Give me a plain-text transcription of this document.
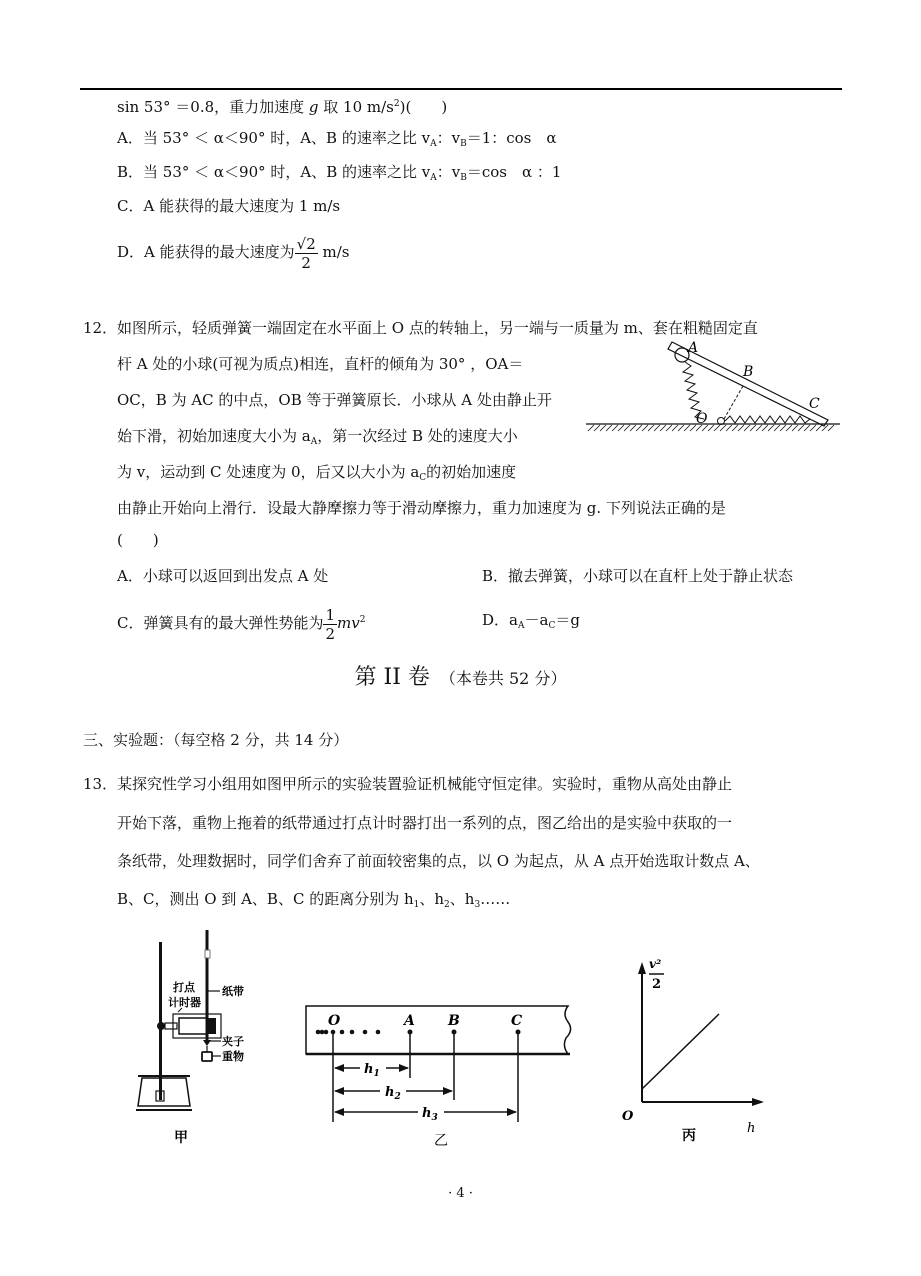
sin 53° ＝0.8，重力加速度 g 取 10 $m/s^2$)(　　)
A．当 53° ＜ α＜90° 时，A、B 的速率之比 $v_A$：$v_B=1$：cos　α
B．当 53° ＜ α＜90° 时，A、B 的速率之比 $v_A$：$v_B=\cos$　α ：1
C．A 能获得的最大速度为 1 m/s
D．A 能获得的最大速度为 $\frac{√2}{2} m/s$
12． 如图所示，轻质弹簧一端固定在水平面上 O 点的转轴上，另一端与一质量为 m、套在粗糙固定直
杆 A 处的小球(可视为质点)相连，直杆的倾角为 30° ，OA＝
OC，B 为 AC 的中点，OB 等于弹簧原长．小球从 A 处由静止开
始下滑，初始加速度大小为 $a_A$，第一次经过 B 处的速度大小
为 v，运动到 C 处速度为 0，后又以大小为 $a_C$的初始加速度
由静止开始向上滑行．设最大静摩擦力等于滑动摩擦力，重力加速度为 g. 下列说法正确的是
(　　)
A．小球可以返回到出发点 A 处	B．撤去弹簧，小球可以在直杆上处于静止状态
C．弹簧具有的最大弹性势能为 $\frac{1}{2} mv^2$	D．$a_A-a_C=g$
A
B
C
O
第 II 卷 （本卷共 52 分）
三、实验题：（每空格 2 分，共 14 分）
13． 某探究性学习小组用如图甲所示的实验装置验证机械能守恒定律。实验时，重物从高处由静止
开始下落，重物上拖着的纸带通过打点计时器打出一系列的点，图乙给出的是实验中获取的一
条纸带，处理数据时，同学们舍弃了前面较密集的点，以 O 为起点，从 A 点开始选取计数点 A、
B、C，测出 O 到 A、B、C 的距离分别为 $h_1$、$h_2$、$h_3\dots\dots$
打点
计时器
纸带
夹子
重物
甲
O	A B	C
$h_1$
$h_2$
$h_3$
乙
v²
2
O
h
丙
· 4 ·
